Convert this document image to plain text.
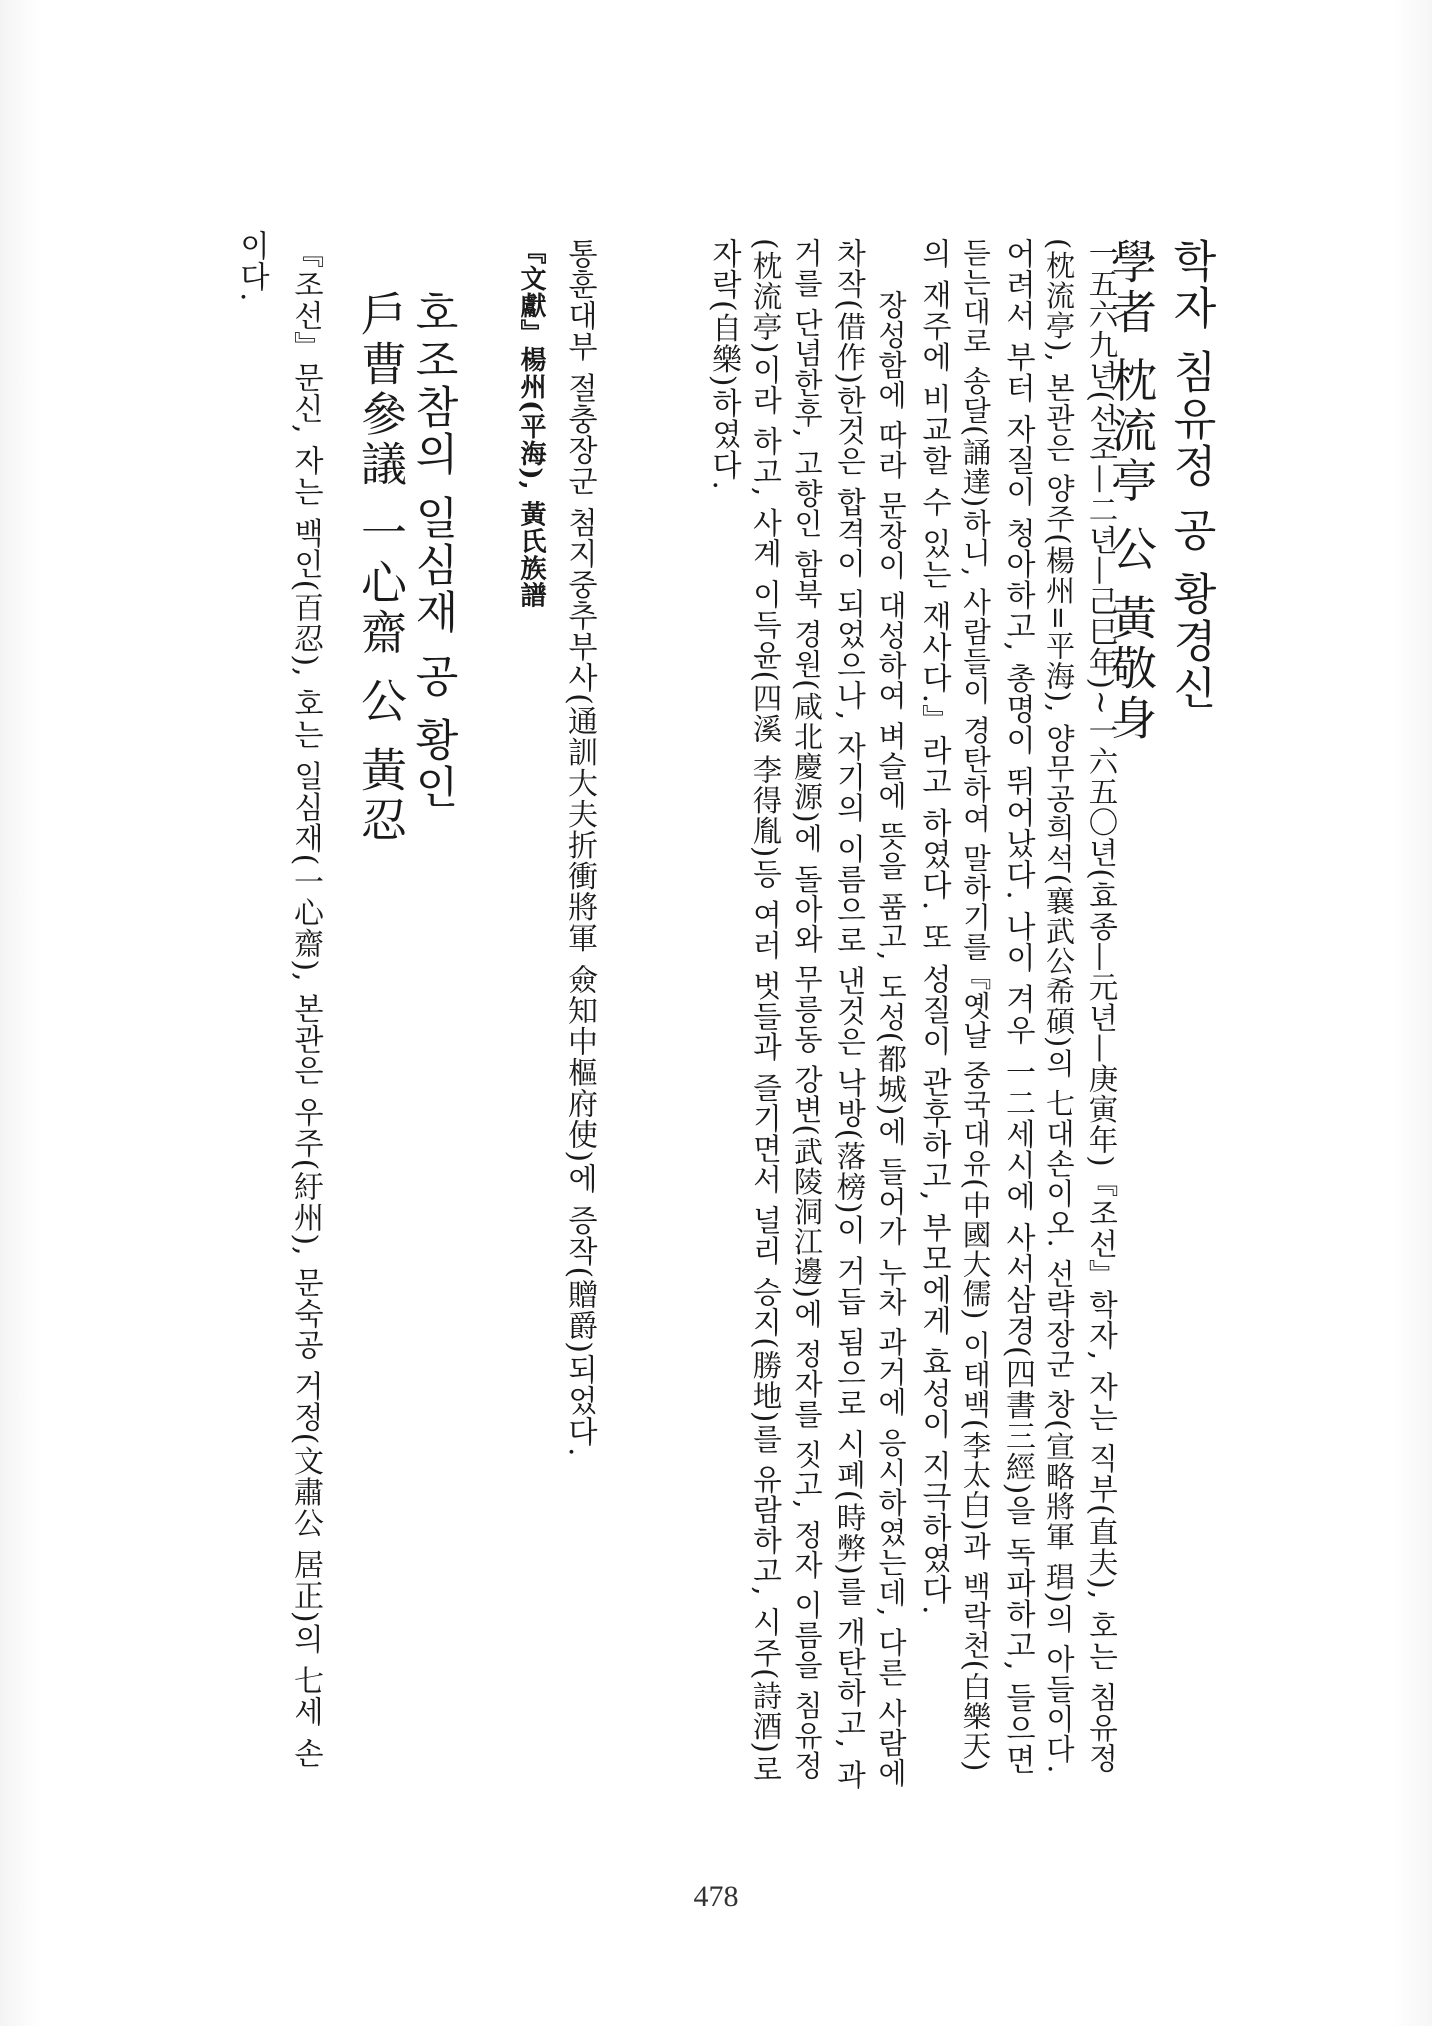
학자 침유정 공 황경신
學者 枕流亭 公 黃敬身
一五六九년(선조—二년—己巳年)~一六五〇년(효종—元년—庚寅年)『조선』학자, 자는 직부(直夫), 호는 침유정
(枕流亭), 본관은 양주(楊州=平海), 양무공희석(襄武公希碩)의 七대손이오. 선략장군 창(宣略將軍 琩)의 아들이다.
어려서 부터 자질이 청아하고, 총명이 뛰어났다. 나이 겨우 一二세시에 사서삼경(四書三經)을 독파하고, 들으면
듣는대로 송달(誦達)하니, 사람들이 경탄하여 말하기를『옛날 중국대유(中國大儒) 이태백(李太白)과 백락천(白樂天)
의 재주에 비교할 수 있는 재사다.』라고 하였다. 또 성질이 관후하고, 부모에게 효성이 지극하였다.
장성함에 따라 문장이 대성하여 벼슬에 뜻을 품고, 도성(都城)에 들어가 누차 과거에 응시하였는데, 다른 사람에
차작(借作)한것은 합격이 되었으나, 자기의 이름으로 낸것은 낙방(落榜)이 거듭 됨으로 시폐(時弊)를 개탄하고, 과
거를 단념한후, 고향인 함북 경원(咸北慶源)에 돌아와 무릉동 강변(武陵洞江邊)에 정자를 짓고, 정자 이름을 침유정
(枕流亭)이라 하고, 사계 이득윤(四溪 李得胤)등 여러 벗들과 즐기면서 널리 승지(勝地)를 유람하고, 시주(詩酒)로
자락(自樂)하였다.
통훈대부 절충장군 첨지중추부사(通訓大夫折衝將軍 僉知中樞府使)에 증작(贈爵)되었다.
『文獻』楊州(平海), 黃氏族譜
호조참의 일심재 공 황인
戶曹參議 一心齋 公 黃忍
『조선』문신, 자는 백인(百忍), 호는 일심재(一心齋), 본관은 우주(紆州), 문숙공 거정(文肅公 居正)의 七세 손
이다.
478
